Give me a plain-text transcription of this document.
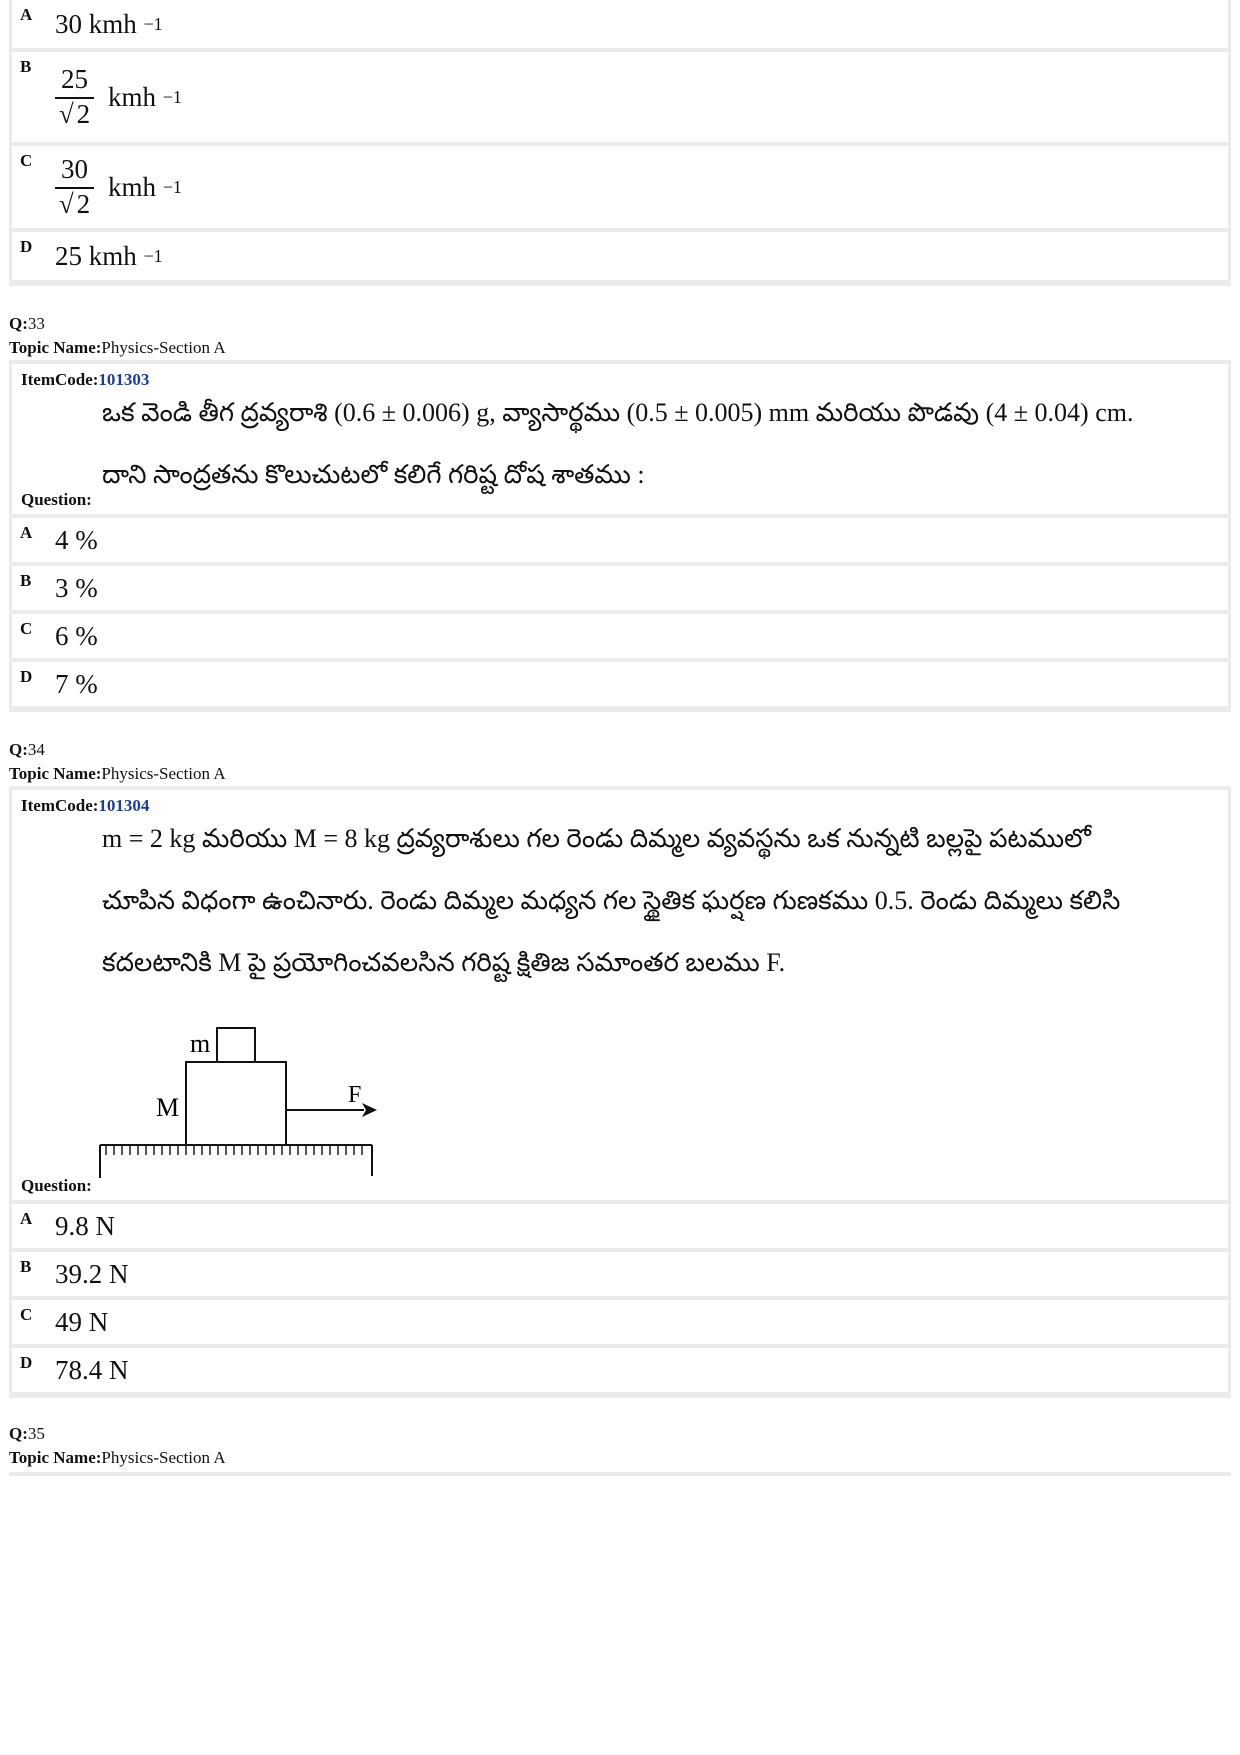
A 30 kmh
−1
B $\frac{25}{√ 2}$ kmh
−1
C $\frac{30}{√ 2}$ kmh
−1
D 25 kmh
−1
Q:33
Topic Name:Physics-Section A
ItemCode:101303
ఒక వెండి తీగ ద్రవ్యరాశి (0.6 ± 0.006) g, వ్యాసార్థము (0.5 ± 0.005) mm మరియు పొడవు (4 ± 0.04) cm.
దాని సాంద్రతను కొలుచుటలో కలిగే గరిష్ట దోష శాతము :
Question:
A 4 %
B 3 %
C 6 %
D 7 %
Q:34
Topic Name:Physics-Section A
ItemCode:101304
m = 2 kg మరియు M = 8 kg ద్రవ్యరాశులు గల రెండు దిమ్మల వ్యవస్థను ఒక నున్నటి బల్లపై పటములో
చూపిన విధంగా ఉంచినారు. రెండు దిమ్మల మధ్యన గల స్థైతిక ఘర్షణ గుణకము 0.5. రెండు దిమ్మలు కలిసి
కదలటానికి M పై ప్రయోగించవలసిన గరిష్ట క్షితిజ సమాంతర బలము F.
m
M	F
Question:
A 9.8 N
B 39.2 N
C 49 N
D 78.4 N
Q:35
Topic Name:Physics-Section A
